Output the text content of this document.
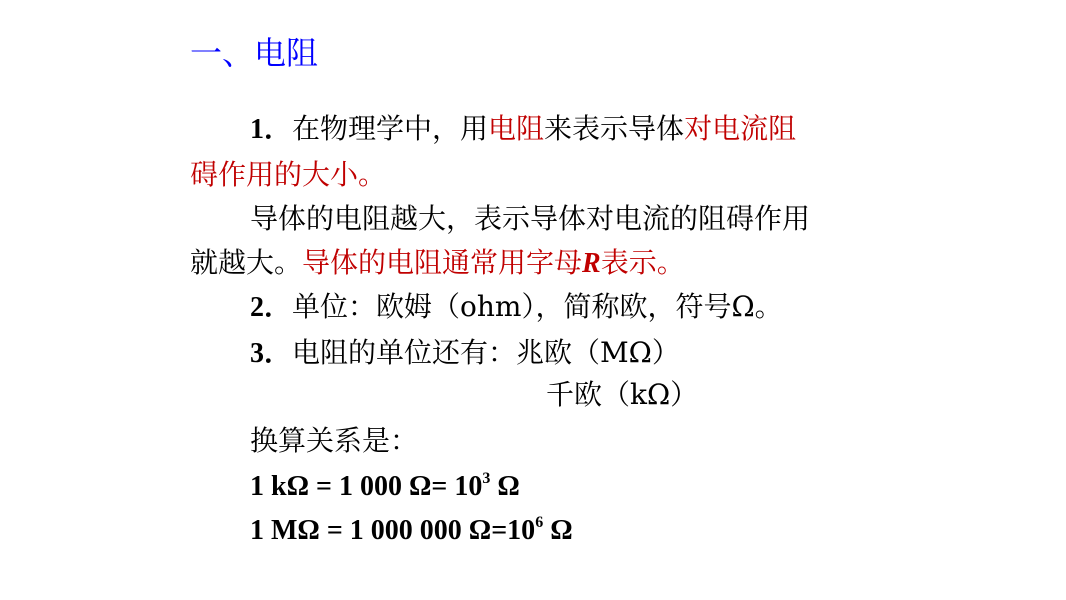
一、电阻
1．在物理学中，用电阻来表示导体对电流阻
碍作用的大小。
导体的电阻越大，表示导体对电流的阻碍作用
就越大。导体的电阻通常用字母R表示。
2．单位：欧姆（ohm），简称欧，符号Ω。
3．电阻的单位还有：兆欧（MΩ）
千欧（kΩ）
换算关系是：
1 kΩ = 1 000 $\Omega= 10^3$ Ω
1 MΩ = 1 000 000 $\Omega=10^6$ Ω
